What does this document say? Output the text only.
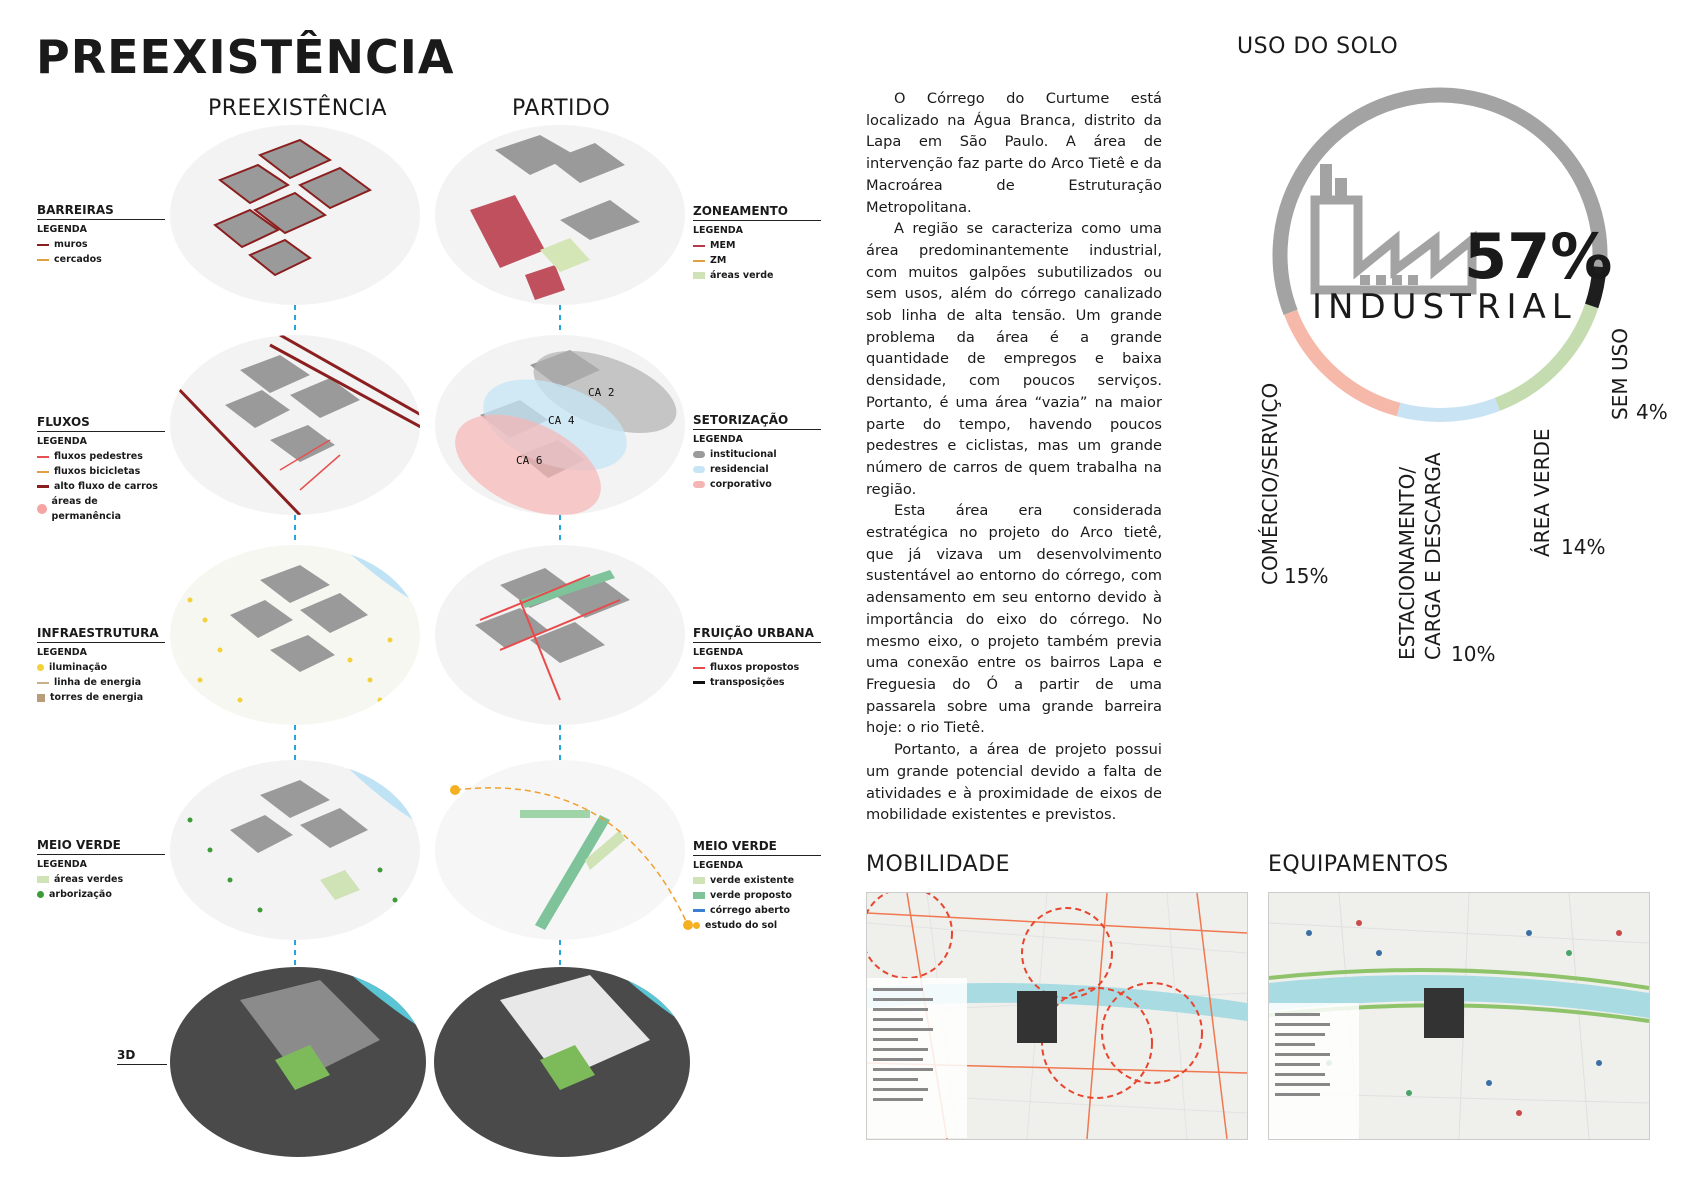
PREEXISTÊNCIA
PREEXISTÊNCIA	PARTIDO
CA 2
CA 4
CA 6
BARREIRAS
LEGENDA
muros
cercados
FLUXOS
LEGENDA
fluxos pedestres
fluxos bicicletas
alto fluxo de carros
áreas de permanência
INFRAESTRUTURA
LEGENDA
iluminação
linha de energia
torres de energia
MEIO VERDE
LEGENDA
áreas verdes
arborização
3D
ZONEAMENTO
LEGENDA
MEM
ZM
áreas verde
SETORIZAÇÃO
LEGENDA
institucional
residencial
corporativo
FRUIÇÃO URBANA
LEGENDA
fluxos propostos
transposições
MEIO VERDE
LEGENDA
verde existente
verde proposto
córrego aberto
estudo do sol

O Córrego do Curtume está localizado na Água Branca, distrito da Lapa em São Paulo. A área de intervenção faz parte do Arco Tietê e da Macroárea de Estruturação Metropolitana.

A região se caracteriza como uma área predominantemente industrial, com muitos galpões subutilizados ou sem usos, além do córrego canalizado sob linha de alta tensão. Um grande problema da área é a grande quantidade de empregos e baixa densidade, com poucos serviços. Portanto, é uma área “vazia” na maior parte do tempo, havendo poucos pedestres e ciclistas, mas um grande número de carros de quem trabalha na região.

Esta área era considerada estratégica no projeto do Arco tietê, que já vizava um desenvolvimento sustentável ao entorno do córrego, com adensamento em seu entorno devido à importância do eixo do córrego. No mesmo eixo, o projeto também previa uma conexão entre os bairros Lapa e Freguesia do Ó a partir de uma passarela sobre uma grande barreira hoje: o rio Tietê.

Portanto, a área de projeto possui um grande potencial devido a falta de atividades e à proximidade de eixos de mobilidade existentes e previstos.

USO DO SOLO
57%
INDUSTRIAL
COMÉRCIO/SERVIÇO 15%	ESTACIONAMENTO/ CARGA E DESCARGA 10%
ÁREA VERDE 14%
SEM USO 4%
MOBILIDADE	EQUIPAMENTOS
